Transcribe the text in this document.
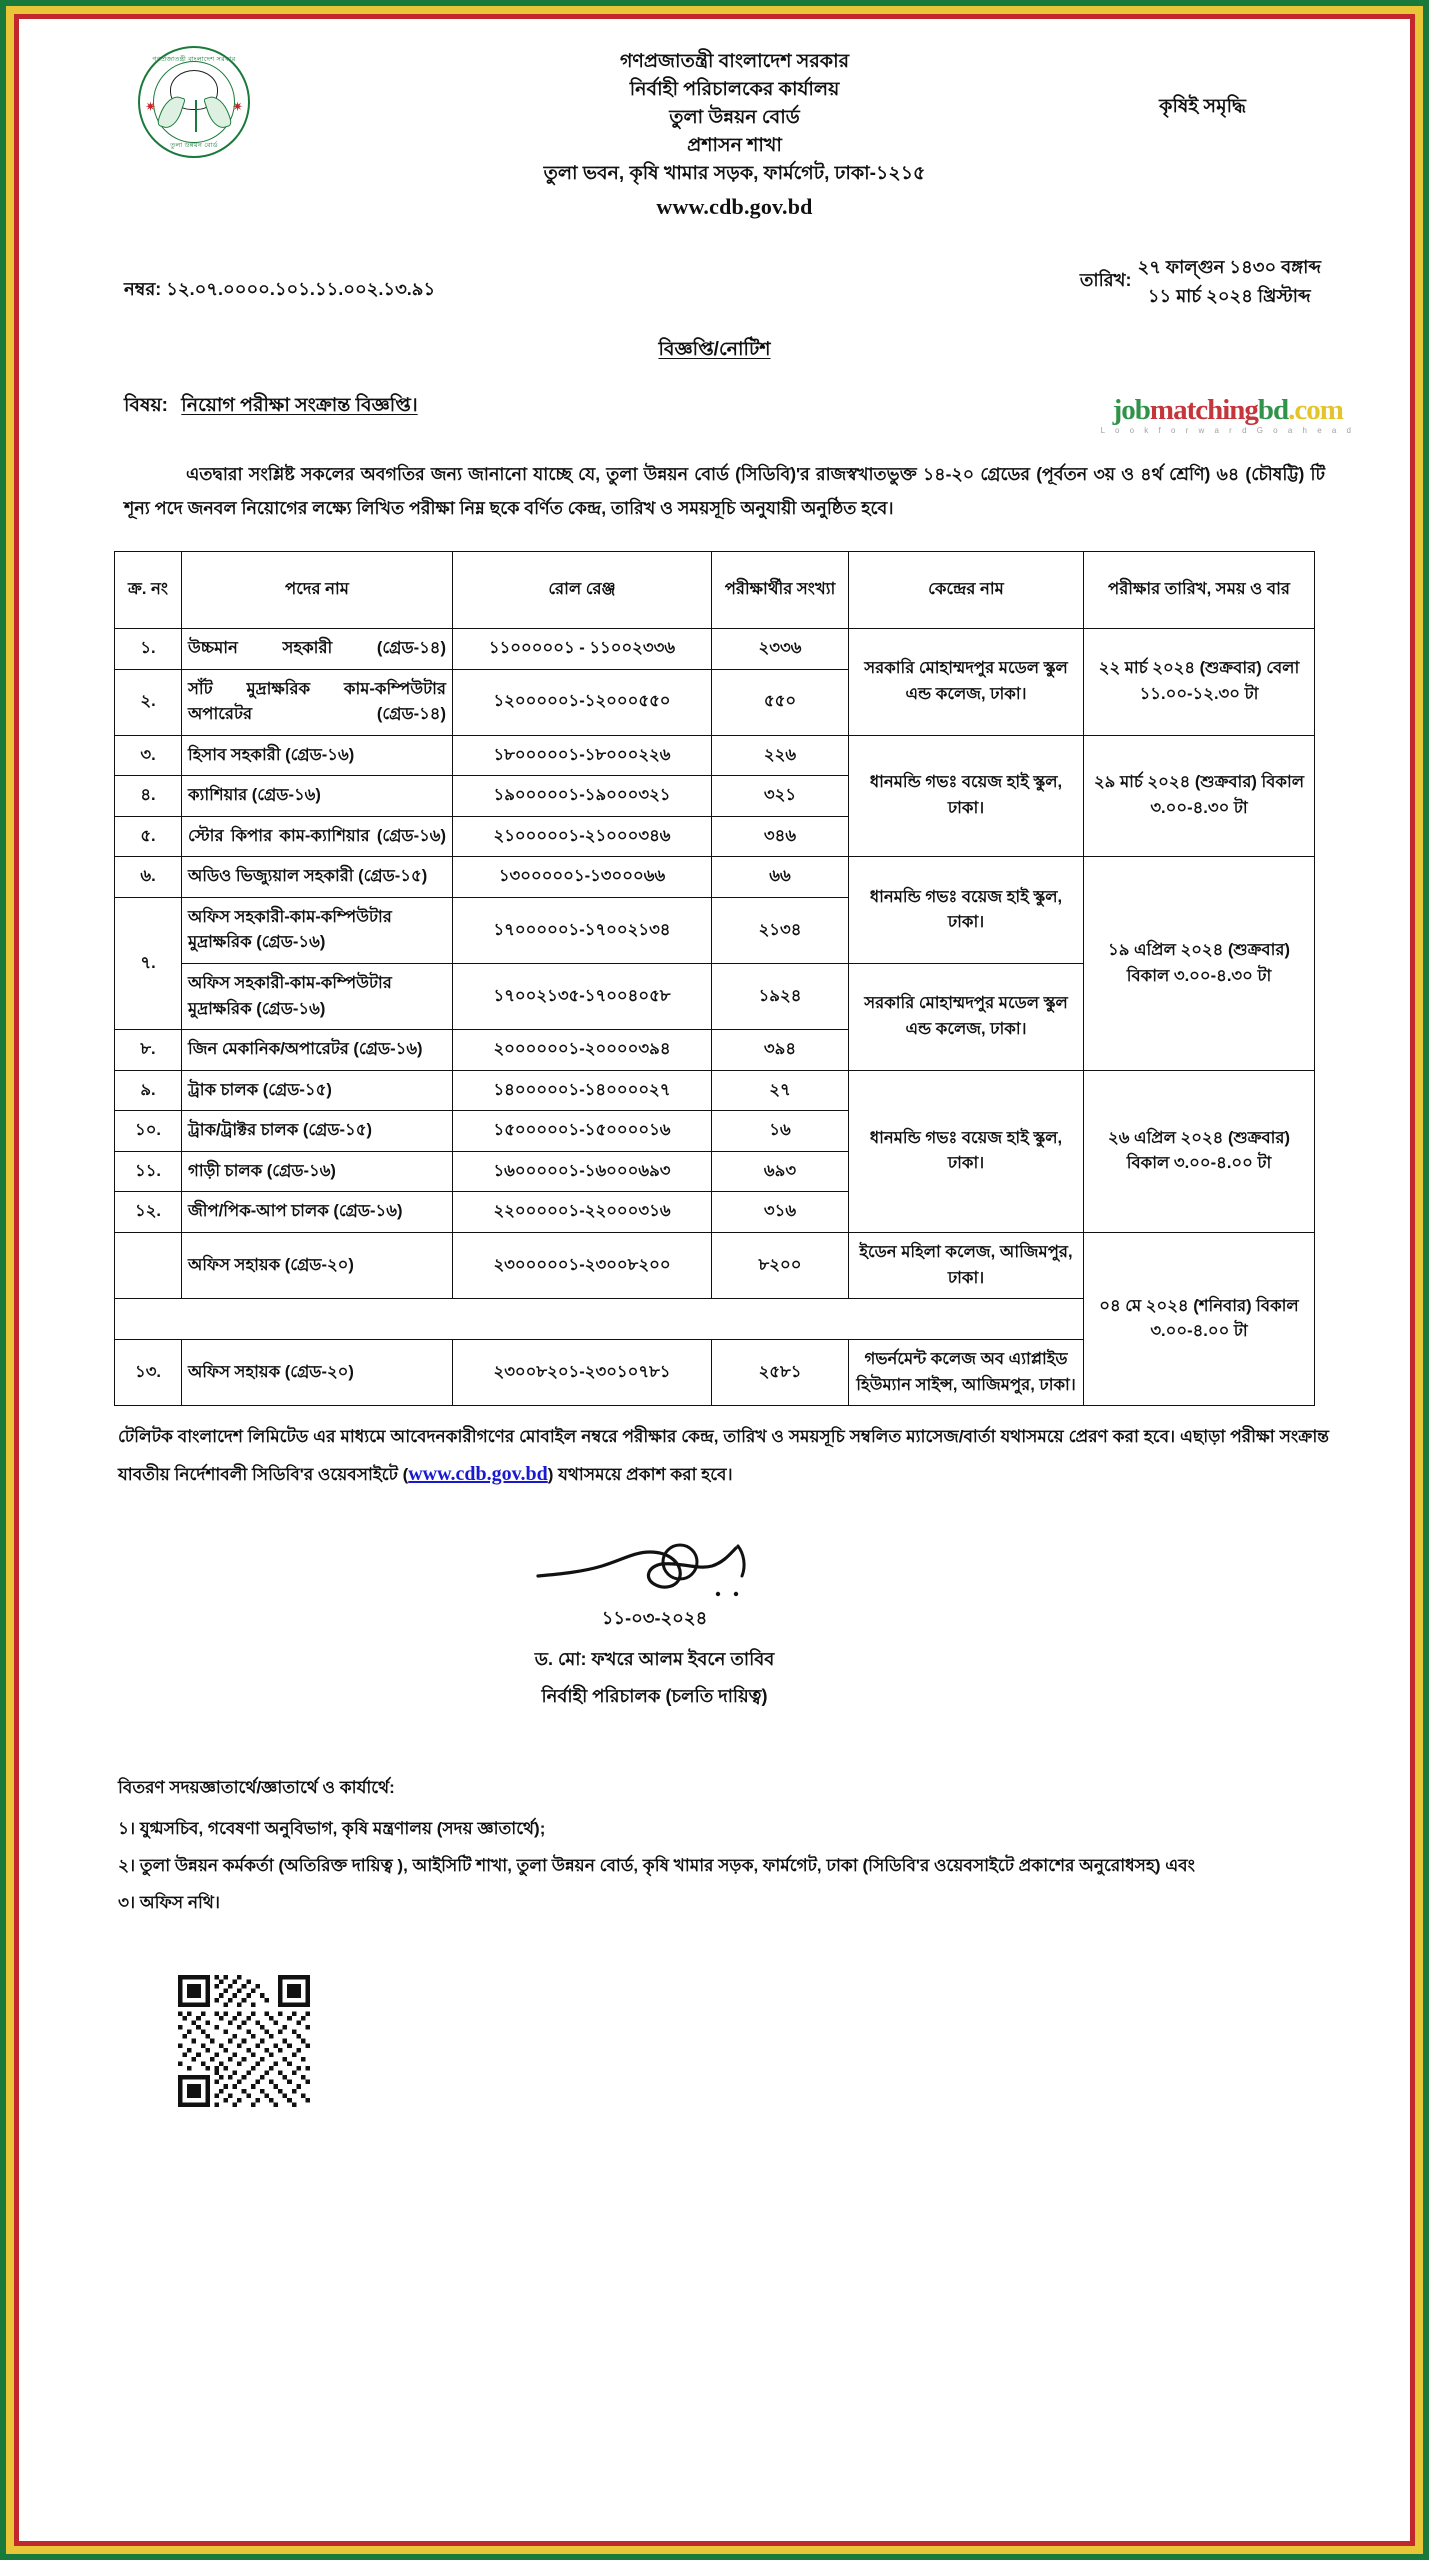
গণপ্রজাতন্ত্রী বাংলাদেশ সরকার
✷	✷
তুলা উন্নয়ন বোর্ড
গণপ্রজাতন্ত্রী বাংলাদেশ সরকার
নির্বাহী পরিচালকের কার্যালয়
তুলা উন্নয়ন বোর্ড
প্রশাসন শাখা
তুলা ভবন, কৃষি খামার সড়ক, ফার্মগেট, ঢাকা-১২১৫
www.cdb.gov.bd
কৃষিই সমৃদ্ধি
নম্বর: ১২.০৭.০০০০.১০১.১১.০০২.১৩.৯১	তারিখ:
২৭ ফাল্গুন ১৪৩০ বঙ্গাব্দ
১১ মার্চ ২০২৪ খ্রিস্টাব্দ
বিজ্ঞপ্তি/নোটিশ
বিষয়: নিয়োগ পরীক্ষা সংক্রান্ত বিজ্ঞপ্তি।	jobmatchingbd.com
L o o k f o r w a r d G o a h e a d
এতদ্বারা সংশ্লিষ্ট সকলের অবগতির জন্য জানানো যাচ্ছে যে, তুলা উন্নয়ন বোর্ড (সিডিবি)'র রাজস্বখাতভুক্ত ১৪-২০ গ্রেডের (পূর্বতন ৩য় ও ৪র্থ শ্রেণি) ৬৪ (চৌষট্টি) টি শূন্য পদে জনবল নিয়োগের লক্ষ্যে লিখিত পরীক্ষা নিম্ন ছকে বর্ণিত কেন্দ্র, তারিখ ও সময়সূচি অনুযায়ী অনুষ্ঠিত হবে।
ক্র. নং	পদের নাম	রোল রেঞ্জ	পরীক্ষার্থীর সংখ্যা	কেন্দ্রের নাম	পরীক্ষার তারিখ, সময় ও বার
১.	উচ্চমান সহকারী (গ্রেড-১৪)	১১০০০০০১ - ১১০০২৩৩৬	২৩৩৬	সরকারি মোহাম্মদপুর মডেল স্কুল এন্ড কলেজ, ঢাকা।	২২ মার্চ ২০২৪ (শুক্রবার) বেলা ১১.০০-১২.৩০ টা
২.	সাঁট মুদ্রাক্ষরিক কাম-কম্পিউটার অপারেটর (গ্রেড-১৪)	১২০০০০০১-১২০০০৫৫০	৫৫০		
৩.	হিসাব সহকারী (গ্রেড-১৬)	১৮০০০০০১-১৮০০০২২৬	২২৬	ধানমন্ডি গভঃ বয়েজ হাই স্কুল, ঢাকা।	২৯ মার্চ ২০২৪ (শুক্রবার) বিকাল ৩.০০-৪.৩০ টা
৪.	ক্যাশিয়ার (গ্রেড-১৬)	১৯০০০০০১-১৯০০০৩২১	৩২১		
৫.	স্টোর কিপার কাম-ক্যাশিয়ার (গ্রেড-১৬)	২১০০০০০১-২১০০০৩৪৬	৩৪৬		
৬.	অডিও ভিজ্যুয়াল সহকারী (গ্রেড-১৫)	১৩০০০০০১-১৩০০০৬৬	৬৬	ধানমন্ডি গভঃ বয়েজ হাই স্কুল, ঢাকা।	১৯ এপ্রিল ২০২৪ (শুক্রবার) বিকাল ৩.০০-৪.৩০ টা
৭.	অফিস সহকারী-কাম-কম্পিউটার মুদ্রাক্ষরিক (গ্রেড-১৬)	১৭০০০০০১-১৭০০২১৩৪	২১৩৪		
	অফিস সহকারী-কাম-কম্পিউটার মুদ্রাক্ষরিক (গ্রেড-১৬)	১৭০০২১৩৫-১৭০০৪০৫৮	১৯২৪	সরকারি মোহাম্মদপুর মডেল স্কুল এন্ড কলেজ, ঢাকা।	
৮.	জিন মেকানিক/অপারেটর (গ্রেড-১৬)	২০০০০০০১-২০০০০৩৯৪	৩৯৪		
৯.	ট্রাক চালক (গ্রেড-১৫)	১৪০০০০০১-১৪০০০০২৭	২৭	ধানমন্ডি গভঃ বয়েজ হাই স্কুল, ঢাকা।	২৬ এপ্রিল ২০২৪ (শুক্রবার) বিকাল ৩.০০-৪.০০ টা
১০.	ট্রাক/ট্রাক্টর চালক (গ্রেড-১৫)	১৫০০০০০১-১৫০০০০১৬	১৬		
১১.	গাড়ী চালক (গ্রেড-১৬)	১৬০০০০০১-১৬০০০৬৯৩	৬৯৩		
১২.	জীপ/পিক-আপ চালক (গ্রেড-১৬)	২২০০০০০১-২২০০০৩১৬	৩১৬		
	অফিস সহায়ক (গ্রেড-২০)	২৩০০০০০১-২৩০০৮২০০	৮২০০	ইডেন মহিলা কলেজ, আজিমপুর, ঢাকা।	০৪ মে ২০২৪ (শনিবার) বিকাল ৩.০০-৪.০০ টা

১৩.	অফিস সহায়ক (গ্রেড-২০)	২৩০০৮২০১-২৩০১০৭৮১	২৫৮১	গভর্নমেন্ট কলেজ অব এ্যাপ্লাইড হিউম্যান সাইন্স, আজিমপুর, ঢাকা।	
টেলিটক বাংলাদেশ লিমিটেড এর মাধ্যমে আবেদনকারীগণের মোবাইল নম্বরে পরীক্ষার কেন্দ্র, তারিখ ও সময়সূচি সম্বলিত ম্যাসেজ/বার্তা যথাসময়ে প্রেরণ করা হবে। এছাড়া পরীক্ষা সংক্রান্ত যাবতীয় নির্দেশাবলী সিডিবি'র ওয়েবসাইটে (www.cdb.gov.bd) যথাসময়ে প্রকাশ করা হবে।
১১-০৩-২০২৪
ড. মো: ফখরে আলম ইবনে তাবিব
নির্বাহী পরিচালক (চলতি দায়িত্ব)
বিতরণ সদয়জ্ঞাতার্থে/জ্ঞাতার্থে ও কার্যার্থে:
১। যুগ্মসচিব, গবেষণা অনুবিভাগ, কৃষি মন্ত্রণালয় (সদয় জ্ঞাতার্থে);
২। তুলা উন্নয়ন কর্মকর্তা (অতিরিক্ত দায়িত্ব ), আইসিটি শাখা, তুলা উন্নয়ন বোর্ড, কৃষি খামার সড়ক, ফার্মগেট, ঢাকা (সিডিবি'র ওয়েবসাইটে প্রকাশের অনুরোধসহ) এবং
৩। অফিস নথি।
